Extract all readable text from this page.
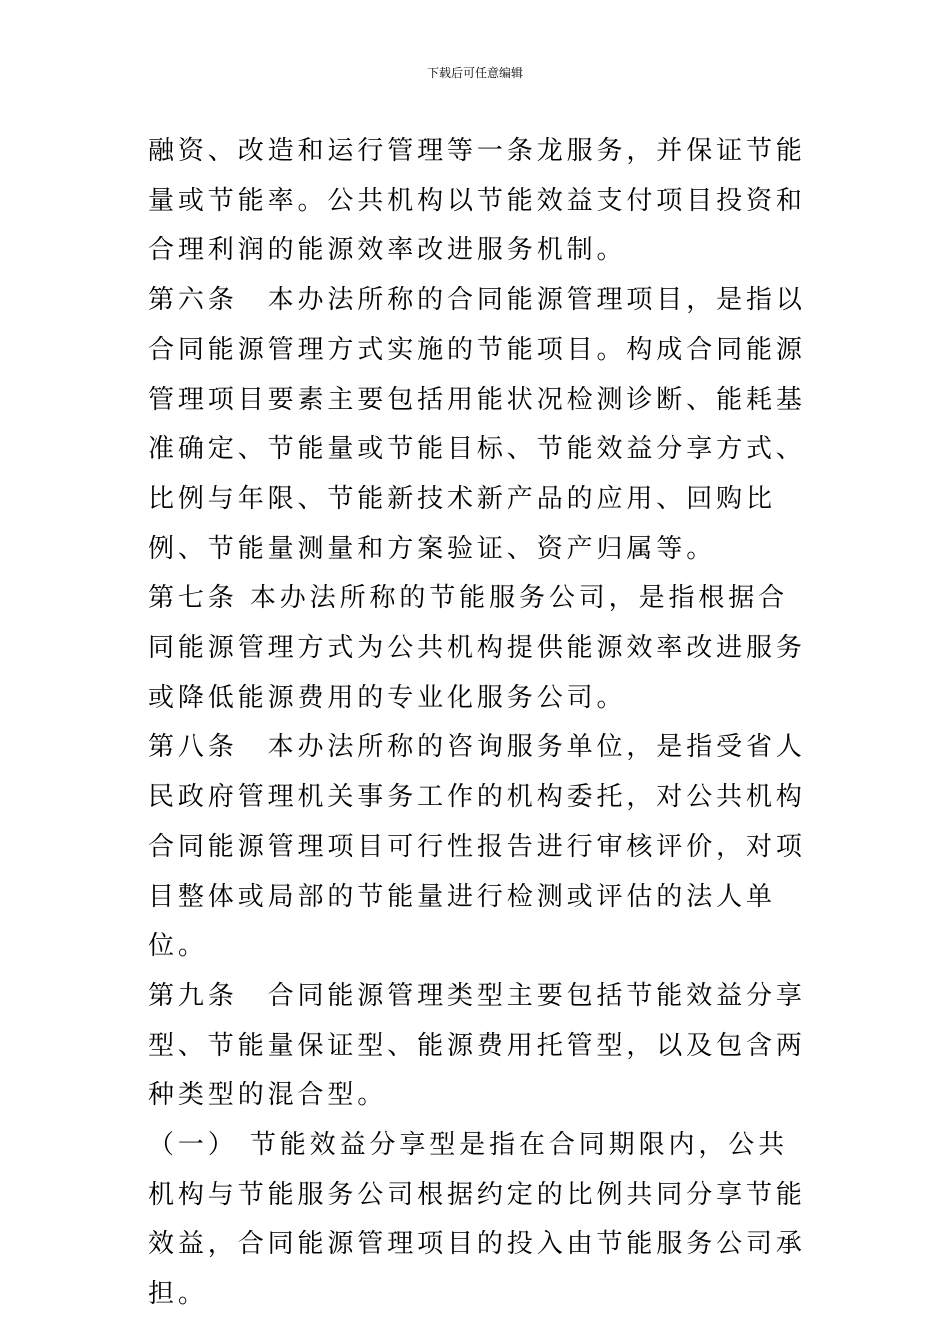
下载后可任意编辑

融资、改造和运行管理等一条龙服务，并保证节能量或节能率。公共机构以节能效益支付项目投资和合理利润的能源效率改进服务机制。

第六条　本办法所称的合同能源管理项目，是指以合同能源管理方式实施的节能项目。构成合同能源管理项目要素主要包括用能状况检测诊断、能耗基准确定、节能量或节能目标、节能效益分享方式、比例与年限、节能新技术新产品的应用、回购比例、节能量测量和方案验证、资产归属等。

第七条 本办法所称的节能服务公司，是指根据合同能源管理方式为公共机构提供能源效率改进服务或降低能源费用的专业化服务公司。

第八条　本办法所称的咨询服务单位，是指受省人民政府管理机关事务工作的机构委托，对公共机构合同能源管理项目可行性报告进行审核评价，对项目整体或局部的节能量进行检测或评估的法人单位。

第九条　合同能源管理类型主要包括节能效益分享型、节能量保证型、能源费用托管型，以及包含两种类型的混合型。

（一） 节能效益分享型是指在合同期限内，公共机构与节能服务公司根据约定的比例共同分享节能效益，合同能源管理项目的投入由节能服务公司承担。
